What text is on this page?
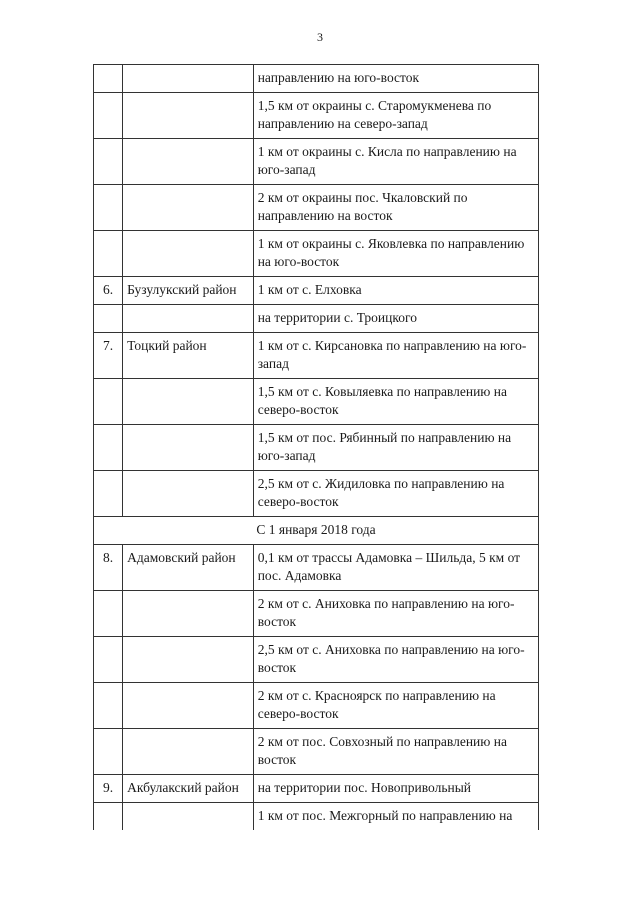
3
		направлению на юго-восток
		1,5 км от окраины с. Старомукменева по направлению на северо-запад
		1 км от окраины с. Кисла по направлению на юго-запад
		2 км от окраины пос. Чкаловский по направлению на восток
		1 км от окраины с. Яковлевка по направлению на юго-восток
6.	Бузулукский район	1 км от с. Елховка
		на территории с. Троицкого
7.	Тоцкий район	1 км от с. Кирсановка по направлению на юго-запад
		1,5 км от с. Ковыляевка по направлению на северо-восток
		1,5 км от пос. Рябинный по направлению на юго-запад
		2,5 км от с. Жидиловка по направлению на северо-восток
С 1 января 2018 года		
8.	Адамовский район	0,1 км от трассы Адамовка – Шильда, 5 км от пос. Адамовка
		2 км от с. Аниховка по направлению на юго-восток
		2,5 км от с. Аниховка по направлению на юго-восток
		2 км от с. Красноярск по направлению на северо-восток
		2 км от пос. Совхозный по направлению на восток
9.	Акбулакский район	на территории пос. Новопривольный
		1 км от пос. Межгорный по направлению на
